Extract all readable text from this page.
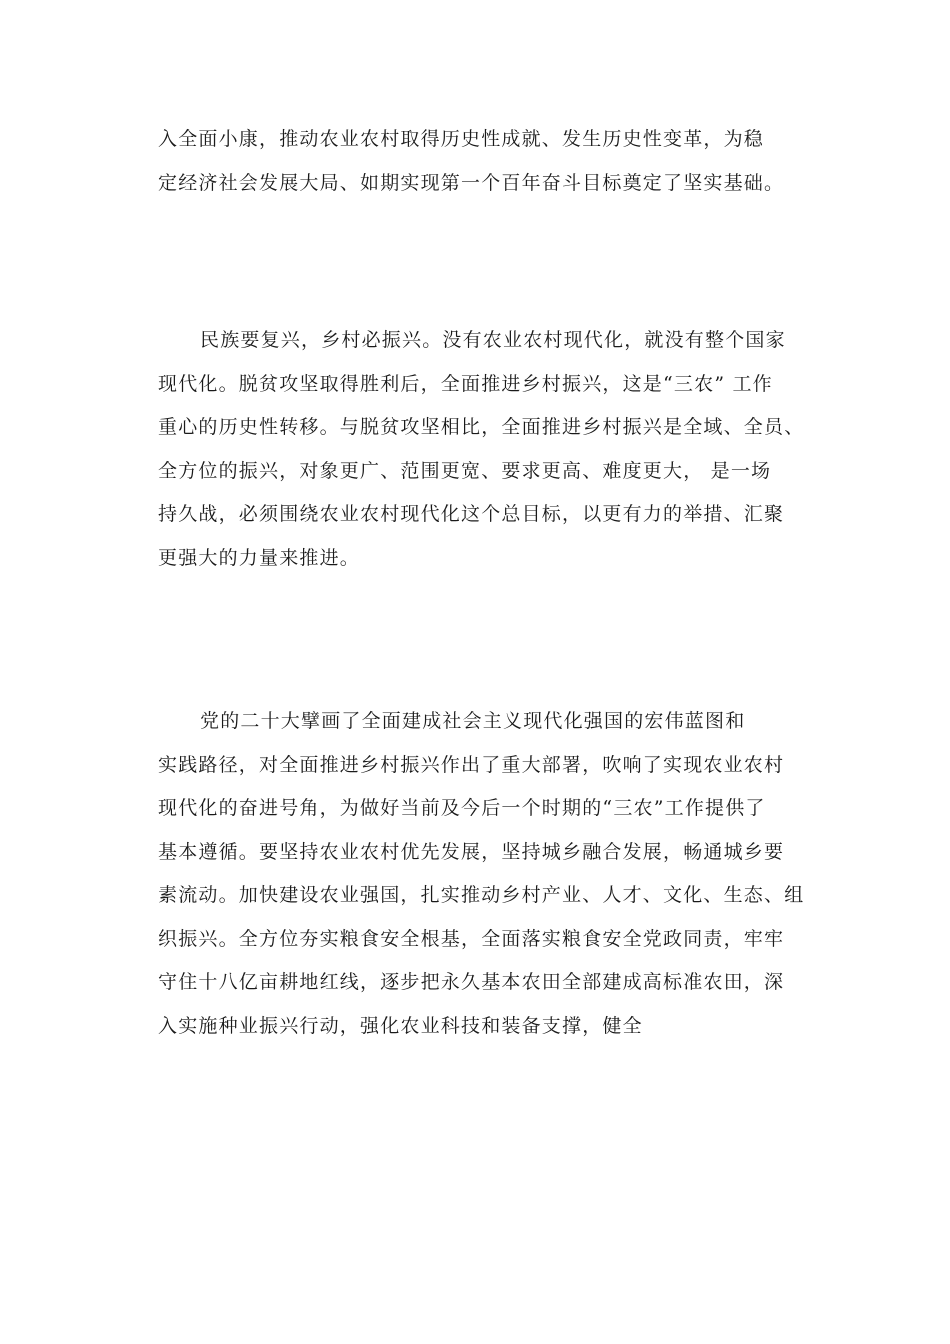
入全面小康，推动农业农村取得历史性成就、发生历史性变革，为稳
定经济社会发展大局、如期实现第一个百年奋斗目标奠定了坚实基础。
民族要复兴，乡村必振兴。没有农业农村现代化，就没有整个国家
现代化。脱贫攻坚取得胜利后，全面推进乡村振兴，这是“三农” 工作
重心的历史性转移。与脱贫攻坚相比，全面推进乡村振兴是全域、全员、
全方位的振兴，对象更广、范围更宽、要求更高、难度更大， 是一场
持久战，必须围绕农业农村现代化这个总目标，以更有力的举措、汇聚
更强大的力量来推进。
党的二十大擘画了全面建成社会主义现代化强国的宏伟蓝图和
实践路径，对全面推进乡村振兴作出了重大部署，吹响了实现农业农村
现代化的奋进号角，为做好当前及今后一个时期的“三农”工作提供了
基本遵循。要坚持农业农村优先发展，坚持城乡融合发展，畅通城乡要
素流动。加快建设农业强国，扎实推动乡村产业、人才、文化、生态、组
织振兴。全方位夯实粮食安全根基，全面落实粮食安全党政同责，牢牢
守住十八亿亩耕地红线，逐步把永久基本农田全部建成高标准农田，深
入实施种业振兴行动，强化农业科技和装备支撑，健全
